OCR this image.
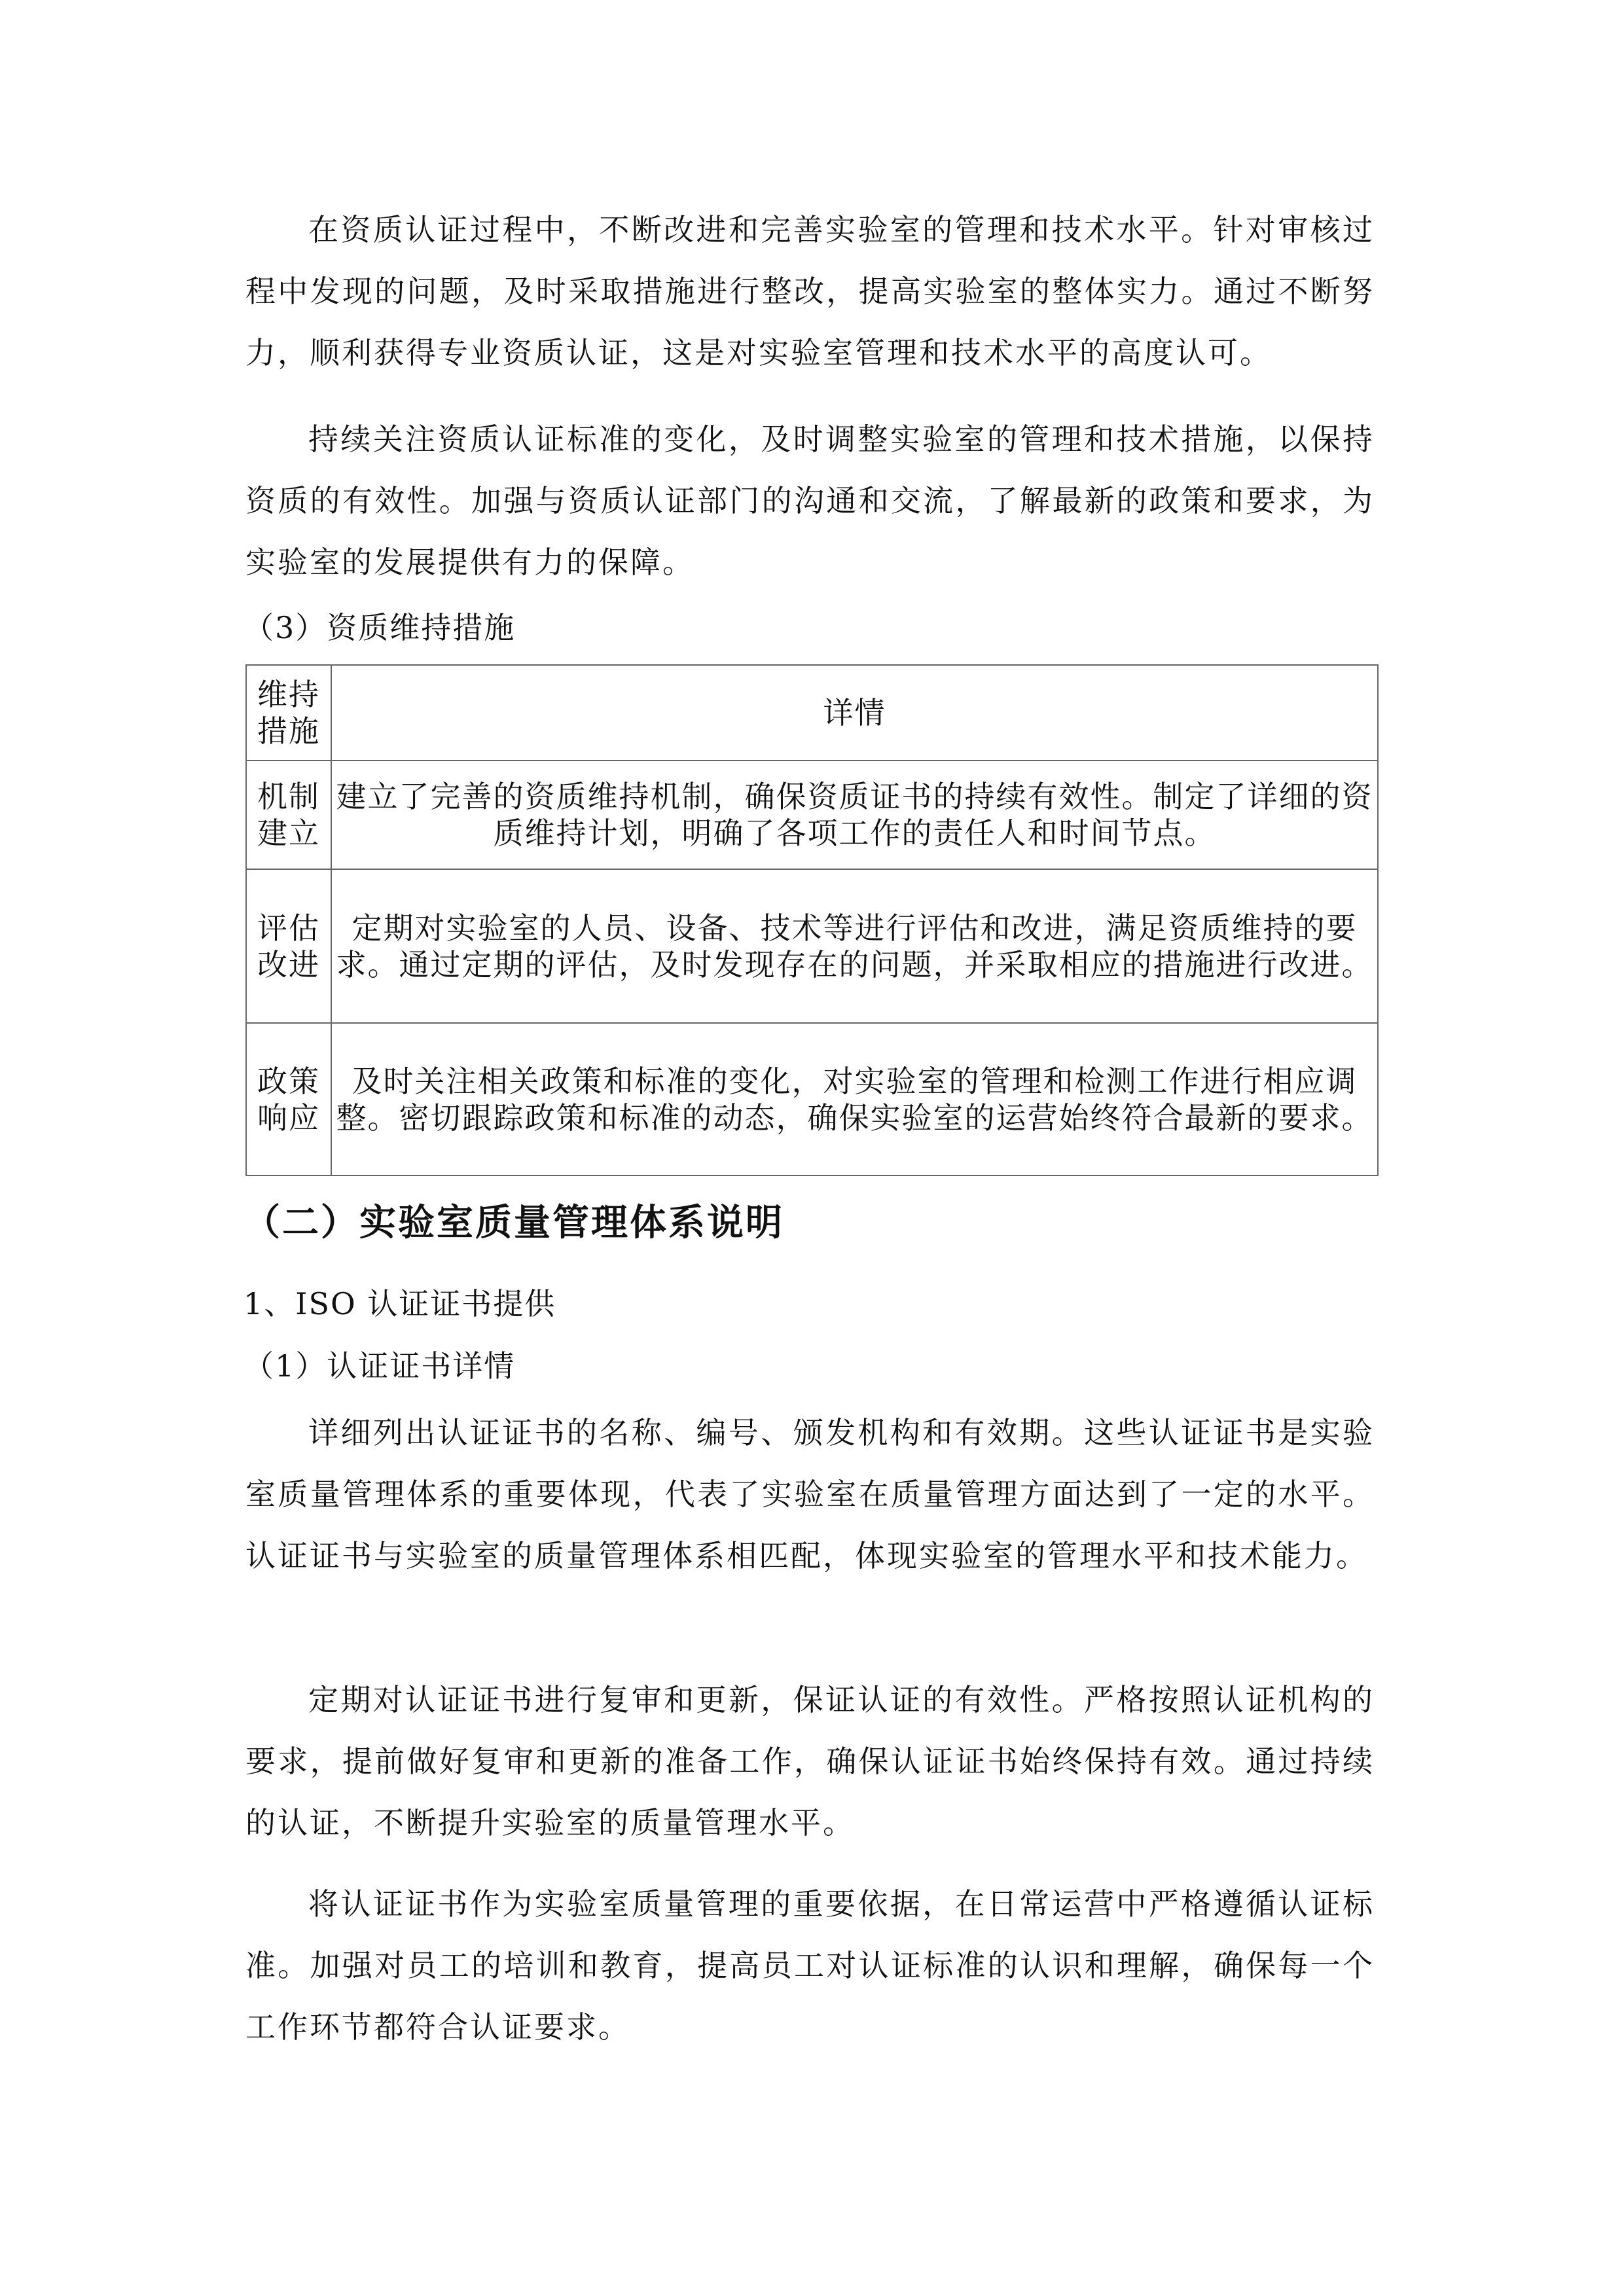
在资质认证过程中，不断改进和完善实验室的管理和技术水平。针对审核过程中发现的问题，及时采取措施进行整改，提高实验室的整体实力。通过不断努力，顺利获得专业资质认证，这是对实验室管理和技术水平的高度认可。

持续关注资质认证标准的变化，及时调整实验室的管理和技术措施，以保持资质的有效性。加强与资质认证部门的沟通和交流，了解最新的政策和要求，为实验室的发展提供有力的保障。

（3）资质维持措施

维持措施	详情
机制建立	建立了完善的资质维持机制，确保资质证书的持续有效性。制定了详细的资质维持计划，明确了各项工作的责任人和时间节点。
评估改进	定期对实验室的人员、设备、技术等进行评估和改进，满足资质维持的要求。通过定期的评估，及时发现存在的问题，并采取相应的措施进行改进。
政策响应	及时关注相关政策和标准的变化，对实验室的管理和检测工作进行相应调整。密切跟踪政策和标准的动态，确保实验室的运营始终符合最新的要求。
（二）实验室质量管理体系说明

1、ISO 认证证书提供

（1）认证证书详情

详细列出认证证书的名称、编号、颁发机构和有效期。这些认证证书是实验室质量管理体系的重要体现，代表了实验室在质量管理方面达到了一定的水平。认证证书与实验室的质量管理体系相匹配，体现实验室的管理水平和技术能力。

定期对认证证书进行复审和更新，保证认证的有效性。严格按照认证机构的要求，提前做好复审和更新的准备工作，确保认证证书始终保持有效。通过持续的认证，不断提升实验室的质量管理水平。

将认证证书作为实验室质量管理的重要依据，在日常运营中严格遵循认证标准。加强对员工的培训和教育，提高员工对认证标准的认识和理解，确保每一个工作环节都符合认证要求。
